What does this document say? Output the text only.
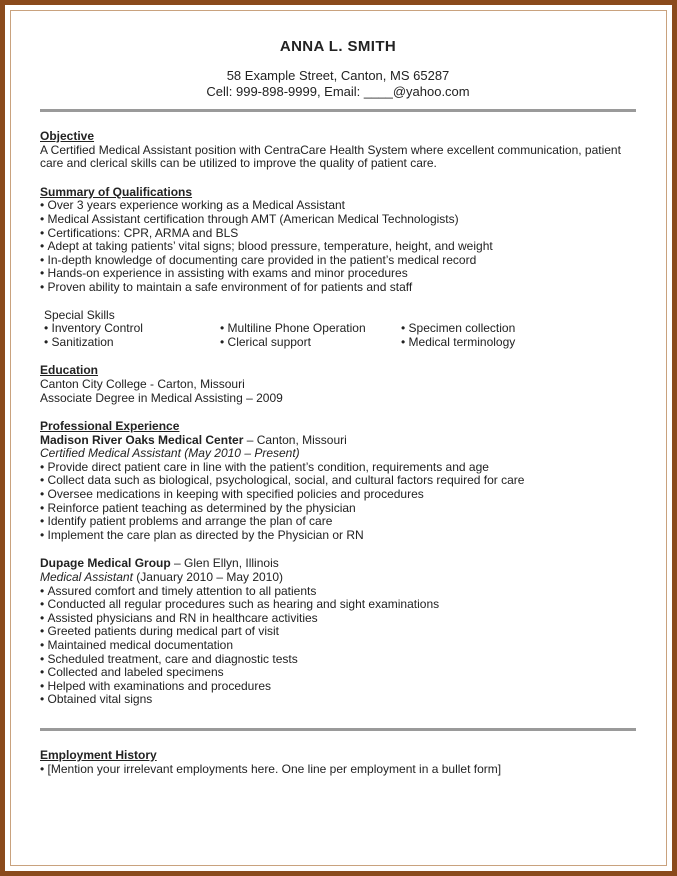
ANNA L. SMITH
58 Example Street, Canton, MS 65287
Cell: 999-898-9999, Email: ____@yahoo.com
Objective

A Certified Medical Assistant position with CentraCare Health System where excellent communication, patient care and clerical skills can be utilized to improve the quality of patient care.

Summary of Qualifications
• Over 3 years experience working as a Medical Assistant
• Medical Assistant certification through AMT (American Medical Technologists)
• Certifications: CPR, ARMA and BLS
• Adept at taking patients’ vital signs; blood pressure, temperature, height, and weight
• In-depth knowledge of documenting care provided in the patient’s medical record
• Hands-on experience in assisting with exams and minor procedures
• Proven ability to maintain a safe environment of for patients and staff
Special Skills
• Inventory Control
• Sanitization
• Multiline Phone Operation
• Clerical support
• Specimen collection
• Medical terminology
Education

Canton City College - Carton, Missouri

Associate Degree in Medical Assisting – 2009

Professional Experience

Madison River Oaks Medical Center – Canton, Missouri

Certified Medical Assistant (May 2010 – Present)

• Provide direct patient care in line with the patient’s condition, requirements and age
• Collect data such as biological, psychological, social, and cultural factors required for care
• Oversee medications in keeping with specified policies and procedures
• Reinforce patient teaching as determined by the physician
• Identify patient problems and arrange the plan of care
• Implement the care plan as directed by the Physician or RN

Dupage Medical Group – Glen Ellyn, Illinois

Medical Assistant (January 2010 – May 2010)

• Assured comfort and timely attention to all patients
• Conducted all regular procedures such as hearing and sight examinations
• Assisted physicians and RN in healthcare activities
• Greeted patients during medical part of visit
• Maintained medical documentation
• Scheduled treatment, care and diagnostic tests
• Collected and labeled specimens
• Helped with examinations and procedures
• Obtained vital signs
Employment History
• [Mention your irrelevant employments here. One line per employment in a bullet form]
